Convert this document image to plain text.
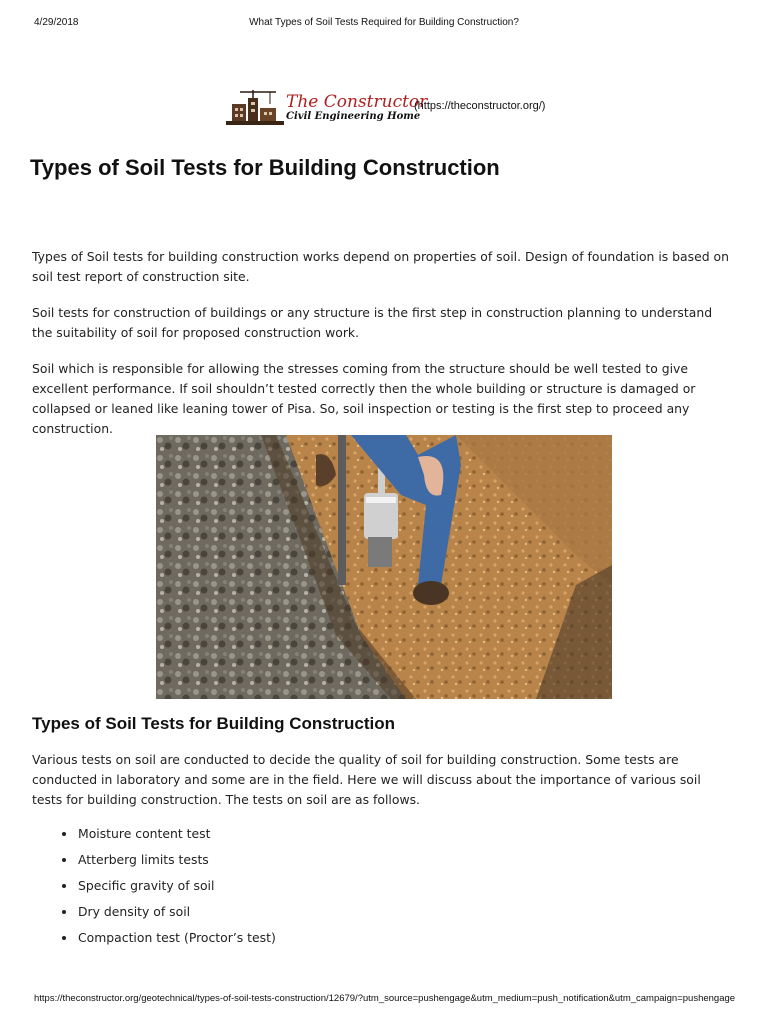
4/29/2018	What Types of Soil Tests Required for Building Construction?
The Constructor
Civil Engineering Home
(https://theconstructor.org/)
Types of Soil Tests for Building Construction

Types of Soil tests for building construction works depend on properties of soil. Design of foundation is based on soil test report of construction site.

Soil tests for construction of buildings or any structure is the first step in construction planning to understand the suitability of soil for proposed construction work.

Soil which is responsible for allowing the stresses coming from the structure should be well tested to give excellent performance. If soil shouldn’t tested correctly then the whole building or structure is damaged or collapsed or leaned like leaning tower of Pisa. So, soil inspection or testing is the first step to proceed any construction.

Types of Soil Tests for Building Construction

Various tests on soil are conducted to decide the quality of soil for building construction. Some tests are conducted in laboratory and some are in the field. Here we will discuss about the importance of various soil tests for building construction. The tests on soil are as follows.

Moisture content test
Atterberg limits tests
Specific gravity of soil
Dry density of soil
Compaction test (Proctor’s test)
https://theconstructor.org/geotechnical/types-of-soil-tests-construction/12679/?utm_source=pushengage&utm_medium=push_notification&utm_campaign=pushengage
